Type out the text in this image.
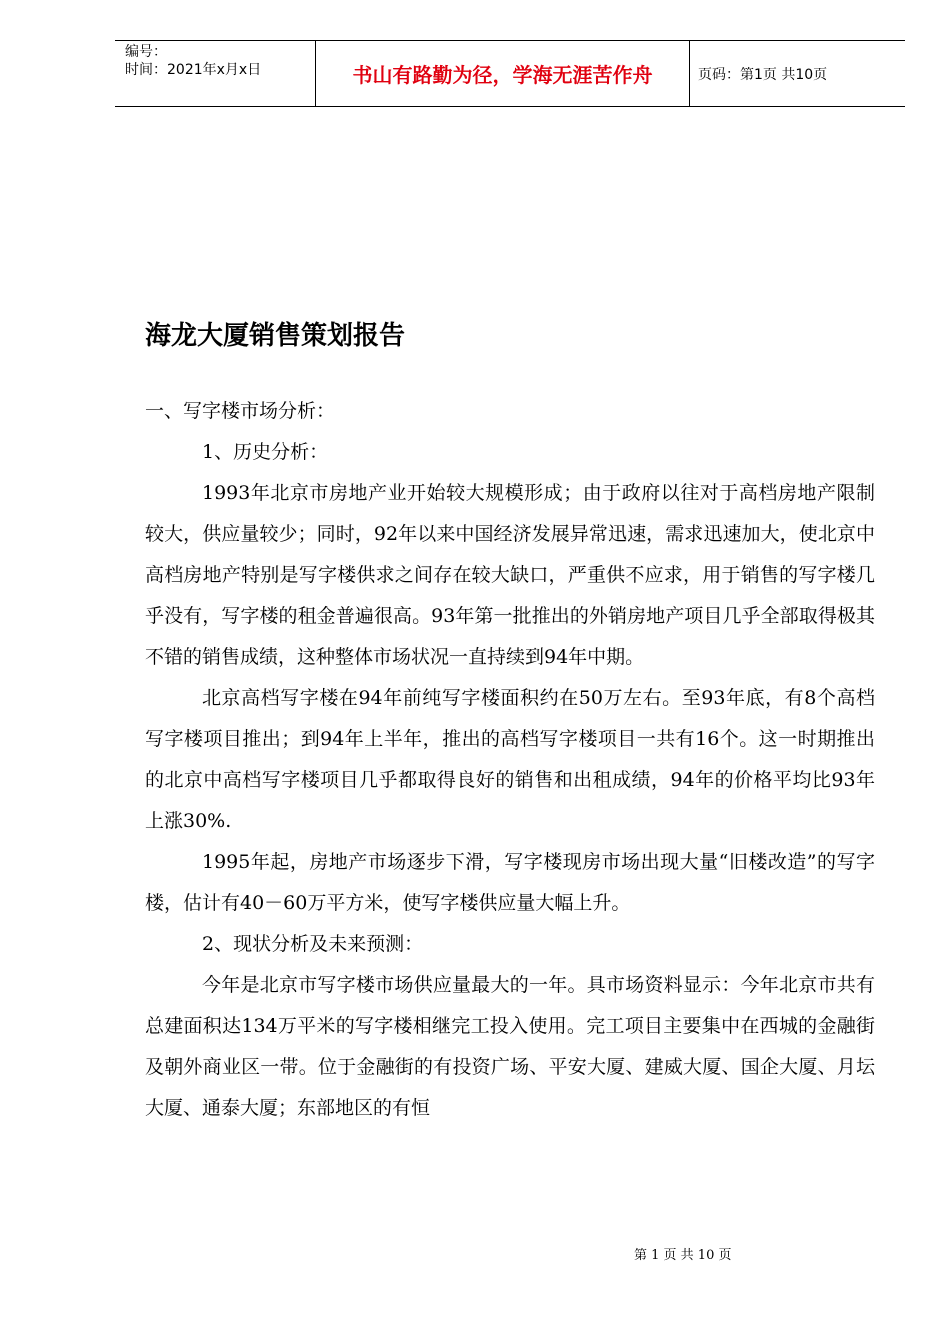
编号：
时间：2021年x月x日	书山有路勤为径，学海无涯苦作舟	页码：第1页 共10页
海龙大厦销售策划报告

一、写字楼市场分析：

1、历史分析：

1993年北京市房地产业开始较大规模形成；由于政府以往对于高档房地产限制较大，供应量较少；同时，92年以来中国经济发展异常迅速，需求迅速加大，使北京中高档房地产特别是写字楼供求之间存在较大缺口，严重供不应求，用于销售的写字楼几乎没有，写字楼的租金普遍很高。93年第一批推出的外销房地产项目几乎全部取得极其不错的销售成绩，这种整体市场状况一直持续到94年中期。

北京高档写字楼在94年前纯写字楼面积约在50万左右。至93年底，有8个高档写字楼项目推出；到94年上半年，推出的高档写字楼项目一共有16个。这一时期推出的北京中高档写字楼项目几乎都取得良好的销售和出租成绩，94年的价格平均比93年上涨30%.

1995年起，房地产市场逐步下滑，写字楼现房市场出现大量“旧楼改造”的写字楼，估计有40－60万平方米，使写字楼供应量大幅上升。

2、现状分析及未来预测：

今年是北京市写字楼市场供应量最大的一年。具市场资料显示：今年北京市共有总建面积达134万平米的写字楼相继完工投入使用。完工项目主要集中在西城的金融街及朝外商业区一带。位于金融街的有投资广场、平安大厦、建威大厦、国企大厦、月坛大厦、通泰大厦；东部地区的有恒

第 1 页 共 10 页
